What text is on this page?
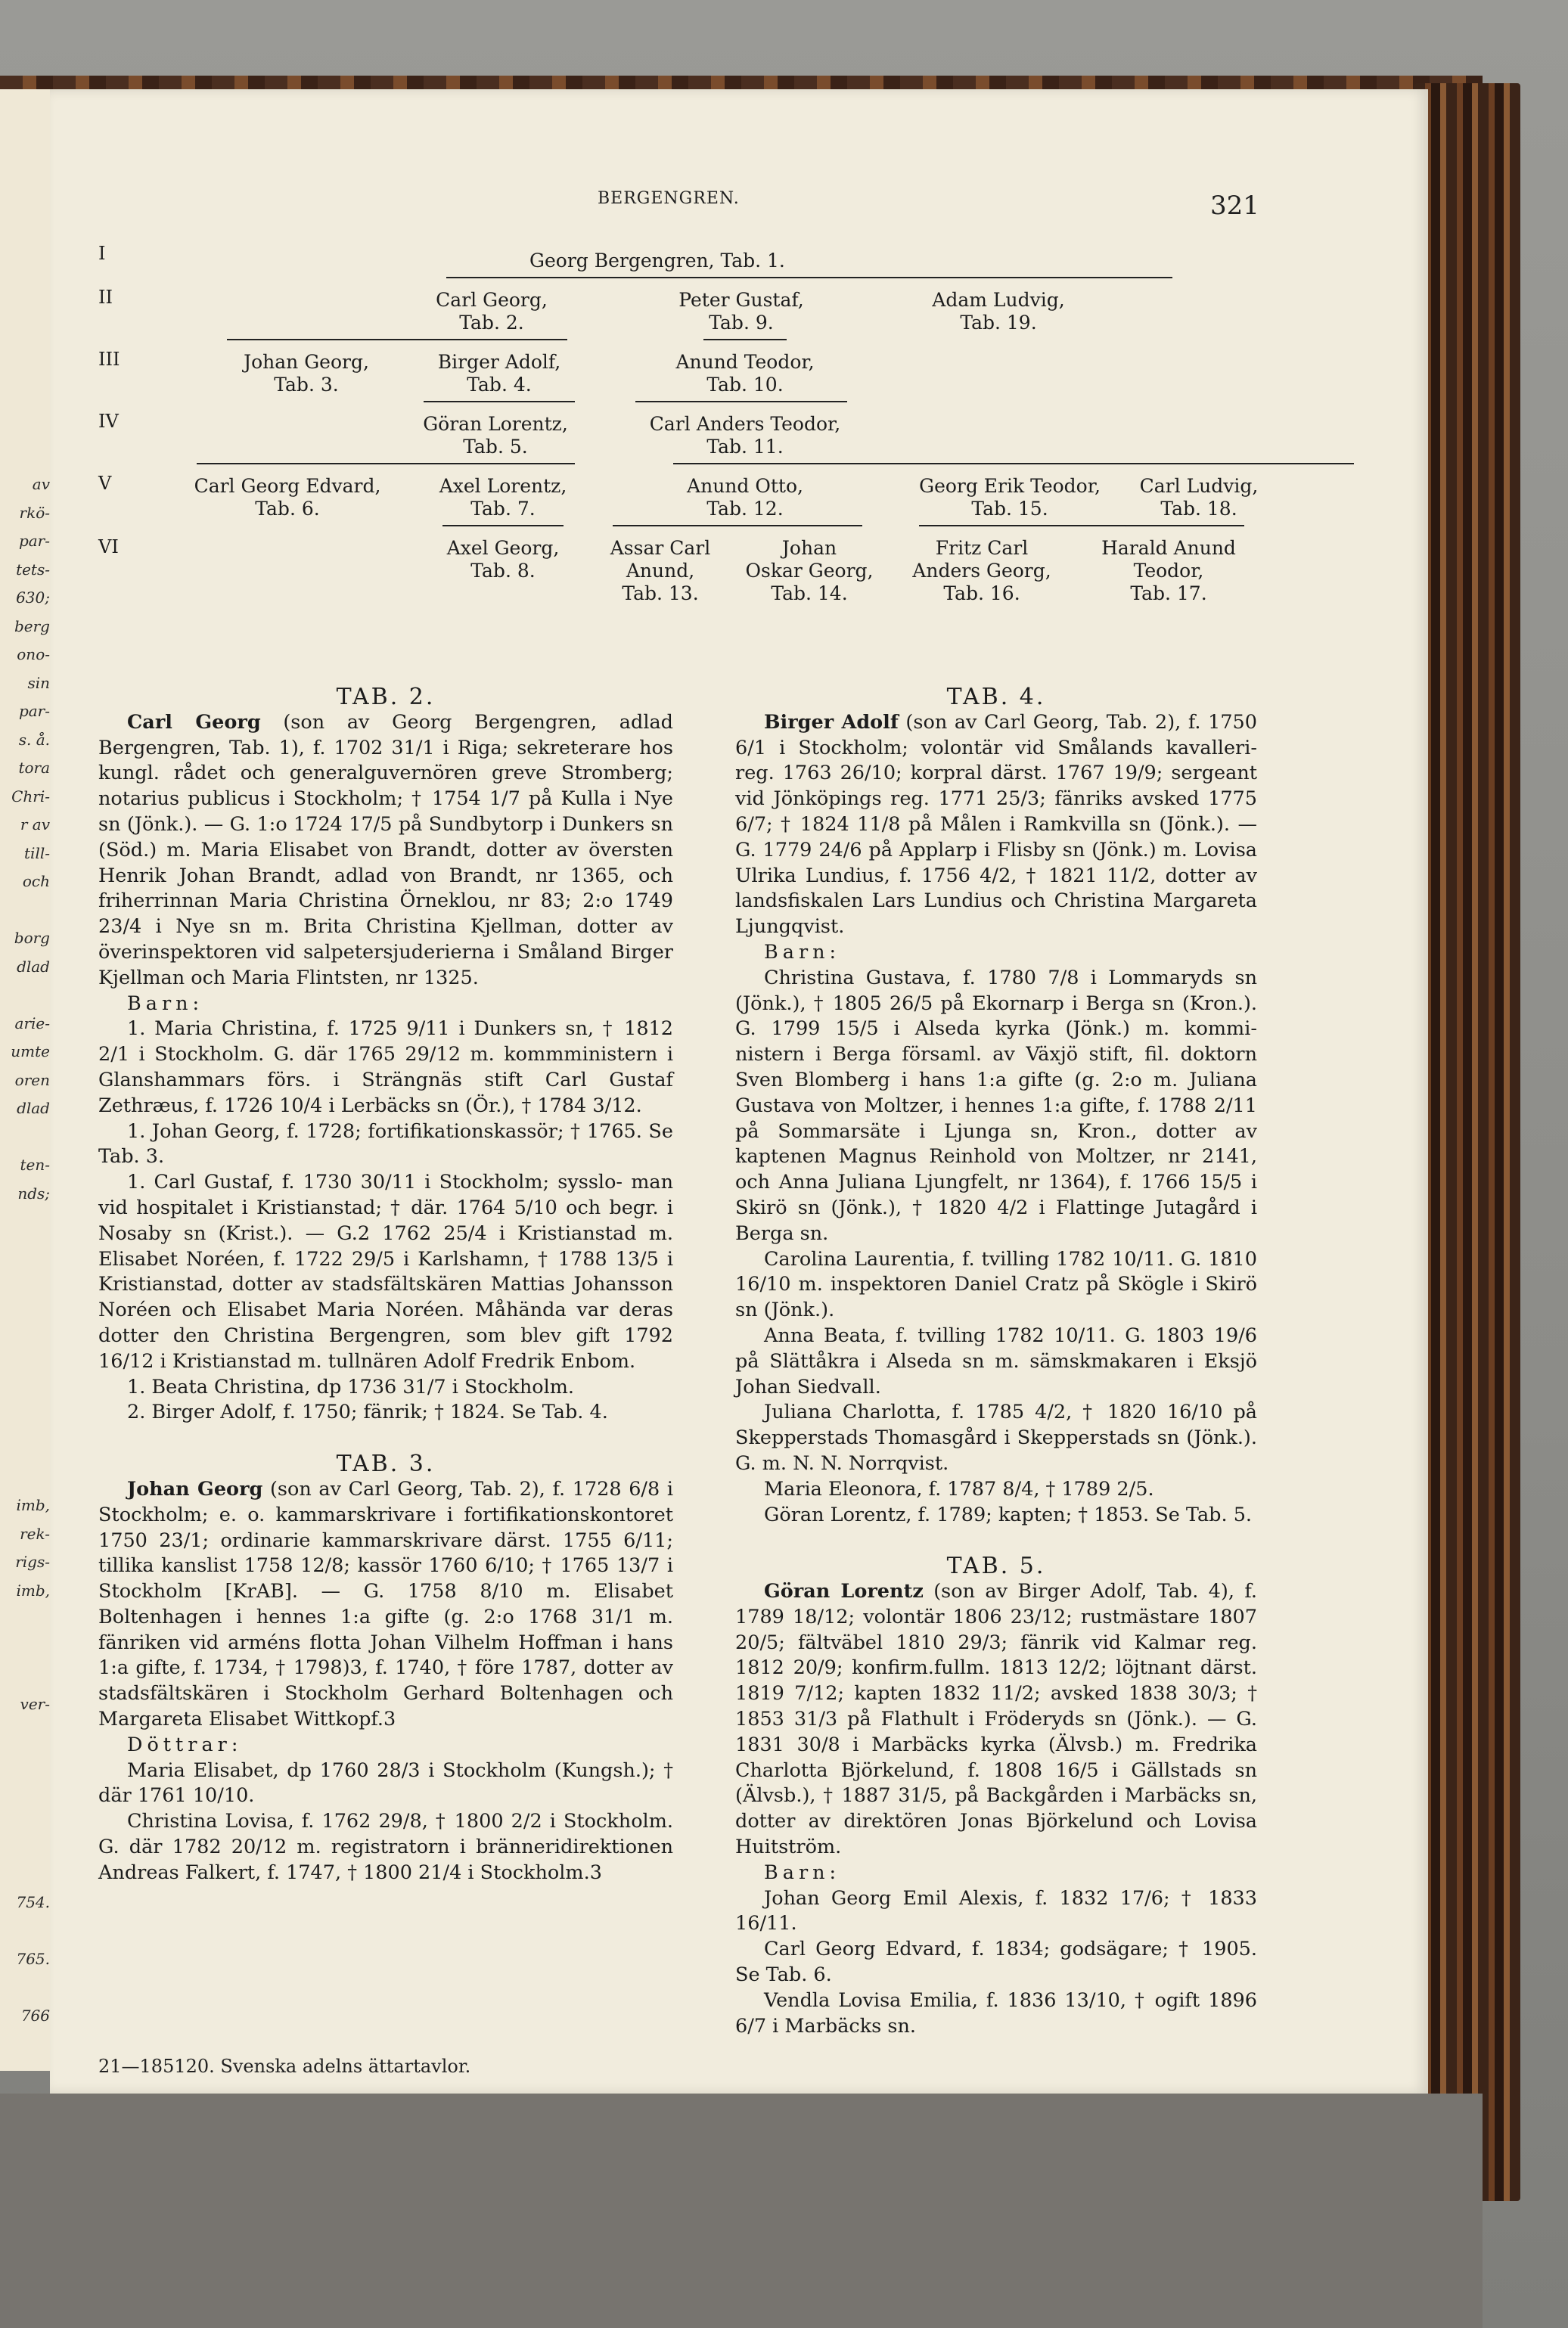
av
rkö-
par-
tets-
630;
berg
ono-
sin
par-
s. å.
tora
Chri-
r av
till-
och
borg
dlad
arie-
umte
oren
dlad
ten-
nds;
imb,
rek-
rigs-
imb,
ver-
754.
765.
766
BERGENGREN.	321
I
II
III
IV
V
VI
Georg Bergengren, Tab. 1.
Carl Georg,
Tab. 2.
Peter Gustaf,
Tab. 9.
Adam Ludvig,
Tab. 19.
Johan Georg,
Tab. 3.
Birger Adolf,
Tab. 4.
Anund Teodor,
Tab. 10.
Göran Lorentz,
Tab. 5.
Carl Anders Teodor,
Tab. 11.
Carl Georg Edvard,
Tab. 6.
Axel Lorentz,
Tab. 7.
Anund Otto,
Tab. 12.
Georg Erik Teodor,
Tab. 15.
Carl Ludvig,
Tab. 18.
Axel Georg,
Tab. 8.
Assar Carl
Anund,
Tab. 13.
Johan
Oskar Georg,
Tab. 14.
Fritz Carl
Anders Georg,
Tab. 16.
Harald Anund
Teodor,
Tab. 17.

TAB. 2.

Carl Georg (son av Georg Bergengren, adlad Bergengren, Tab. 1), f. 1702 31/1 i Riga; sekreterare hos kungl. rådet och generalguvernören greve Stromberg; notarius publicus i Stockholm; † 1754 1/7 på Kulla i Nye sn (Jönk.). — G. 1:o 1724 17/5 på Sundbytorp i Dunkers sn (Söd.) m. Maria Elisabet von Brandt, dotter av översten Henrik Johan Brandt, adlad von Brandt, nr 1365, och friherrinnan Maria Christina Örneklou, nr 83; 2:o 1749 23/4 i Nye sn m. Brita Christina Kjellman, dotter av överinspektoren vid salpetersjuderierna i Småland Birger Kjellman och Maria Flintsten, nr 1325.

Barn:

1. Maria Christina, f. 1725 9/11 i Dunkers sn, † 1812 2/1 i Stockholm. G. där 1765 29/12 m. kommministern i Glanshammars förs. i Strängnäs stift Carl Gustaf Zethræus, f. 1726 10/4 i Lerbäcks sn (Ör.), † 1784 3/12.

1. Johan Georg, f. 1728; fortifikationskassör; † 1765. Se Tab. 3.

1. Carl Gustaf, f. 1730 30/11 i Stockholm; sysslo- man vid hospitalet i Kristianstad; † där. 1764 5/10 och begr. i Nosaby sn (Krist.). — G.2 1762 25/4 i Kristianstad m. Elisabet Noréen, f. 1722 29/5 i Karlshamn, † 1788 13/5 i Kristianstad, dotter av stadsfältskären Mattias Johansson Noréen och Elisabet Maria Noréen. Måhända var deras dotter den Christina Bergengren, som blev gift 1792 16/12 i Kristianstad m. tullnären Adolf Fredrik Enbom.

1. Beata Christina, dp 1736 31/7 i Stockholm.

2. Birger Adolf, f. 1750; fänrik; † 1824. Se Tab. 4.

TAB. 3.

Johan Georg (son av Carl Georg, Tab. 2), f. 1728 6/8 i Stockholm; e. o. kammarskrivare i fortifikationskontoret 1750 23/1; ordinarie kammarskrivare därst. 1755 6/11; tillika kanslist 1758 12/8; kassör 1760 6/10; † 1765 13/7 i Stockholm [KrAB]. — G. 1758 8/10 m. Elisabet Boltenhagen i hennes 1:a gifte (g. 2:o 1768 31/1 m. fänriken vid arméns flotta Johan Vilhelm Hoffman i hans 1:a gifte, f. 1734, † 1798)3, f. 1740, † före 1787, dotter av stadsfältskären i Stockholm Gerhard Boltenhagen och Margareta Elisabet Wittkopf.3

Döttrar:

Maria Elisabet, dp 1760 28/3 i Stockholm (Kungsh.); † där 1761 10/10.

Christina Lovisa, f. 1762 29/8, † 1800 2/2 i Stockholm. G. där 1782 20/12 m. registratorn i bränneridirektionen Andreas Falkert, f. 1747, † 1800 21/4 i Stockholm.3

TAB. 4.

Birger Adolf (son av Carl Georg, Tab. 2), f. 1750 6/1 i Stockholm; volontär vid Smålands kavalleri- reg. 1763 26/10; korpral därst. 1767 19/9; sergeant vid Jönköpings reg. 1771 25/3; fänriks avsked 1775 6/7; † 1824 11/8 på Målen i Ramkvilla sn (Jönk.). — G. 1779 24/6 på Applarp i Flisby sn (Jönk.) m. Lovisa Ulrika Lundius, f. 1756 4/2, † 1821 11/2, dotter av landsfiskalen Lars Lundius och Christina Margareta Ljungqvist.

Barn:

Christina Gustava, f. 1780 7/8 i Lommaryds sn (Jönk.), † 1805 26/5 på Ekornarp i Berga sn (Kron.). G. 1799 15/5 i Alseda kyrka (Jönk.) m. kommi- nistern i Berga församl. av Växjö stift, fil. doktorn Sven Blomberg i hans 1:a gifte (g. 2:o m. Juliana Gustava von Moltzer, i hennes 1:a gifte, f. 1788 2/11 på Sommarsäte i Ljunga sn, Kron., dotter av kaptenen Magnus Reinhold von Moltzer, nr 2141, och Anna Juliana Ljungfelt, nr 1364), f. 1766 15/5 i Skirö sn (Jönk.), † 1820 4/2 i Flattinge Jutagård i Berga sn.

Carolina Laurentia, f. tvilling 1782 10/11. G. 1810 16/10 m. inspektoren Daniel Cratz på Skögle i Skirö sn (Jönk.).

Anna Beata, f. tvilling 1782 10/11. G. 1803 19/6 på Slättåkra i Alseda sn m. sämskmakaren i Eksjö Johan Siedvall.

Juliana Charlotta, f. 1785 4/2, † 1820 16/10 på Skepperstads Thomasgård i Skepperstads sn (Jönk.). G. m. N. N. Norrqvist.

Maria Eleonora, f. 1787 8/4, † 1789 2/5.

Göran Lorentz, f. 1789; kapten; † 1853. Se Tab. 5.

TAB. 5.

Göran Lorentz (son av Birger Adolf, Tab. 4), f. 1789 18/12; volontär 1806 23/12; rustmästare 1807 20/5; fältväbel 1810 29/3; fänrik vid Kalmar reg. 1812 20/9; konfirm.fullm. 1813 12/2; löjtnant därst. 1819 7/12; kapten 1832 11/2; avsked 1838 30/3; † 1853 31/3 på Flathult i Fröderyds sn (Jönk.). — G. 1831 30/8 i Marbäcks kyrka (Älvsb.) m. Fredrika Charlotta Björkelund, f. 1808 16/5 i Gällstads sn (Älvsb.), † 1887 31/5, på Backgården i Marbäcks sn, dotter av direktören Jonas Björkelund och Lovisa Huitström.

Barn:

Johan Georg Emil Alexis, f. 1832 17/6; † 1833 16/11.

Carl Georg Edvard, f. 1834; godsägare; † 1905. Se Tab. 6.

Vendla Lovisa Emilia, f. 1836 13/10, † ogift 1896 6/7 i Marbäcks sn.

21—185120. Svenska adelns ättartavlor.
